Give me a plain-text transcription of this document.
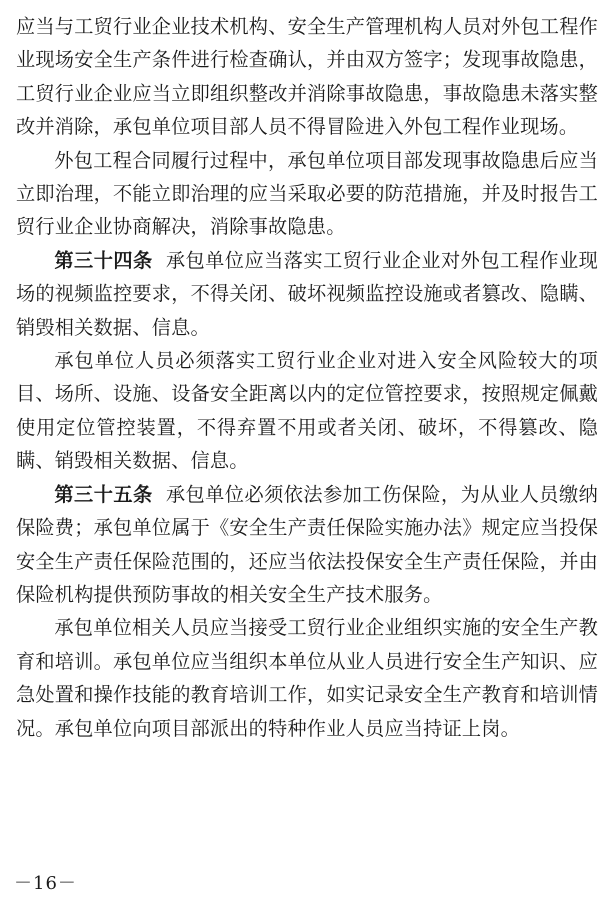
应当与工贸行业企业技术机构、安全生产管理机构人员对外包工程作业现场安全生产条件进行检查确认，并由双方签字；发现事故隐患，工贸行业企业应当立即组织整改并消除事故隐患，事故隐患未落实整改并消除，承包单位项目部人员不得冒险进入外包工程作业现场。

外包工程合同履行过程中，承包单位项目部发现事故隐患后应当立即治理，不能立即治理的应当采取必要的防范措施，并及时报告工贸行业企业协商解决，消除事故隐患。

第三十四条 承包单位应当落实工贸行业企业对外包工程作业现场的视频监控要求，不得关闭、破坏视频监控设施或者篡改、隐瞒、销毁相关数据、信息。

承包单位人员必须落实工贸行业企业对进入安全风险较大的项目、场所、设施、设备安全距离以内的定位管控要求，按照规定佩戴使用定位管控装置，不得弃置不用或者关闭、破坏，不得篡改、隐瞒、销毁相关数据、信息。

第三十五条 承包单位必须依法参加工伤保险，为从业人员缴纳保险费；承包单位属于《安全生产责任保险实施办法》规定应当投保安全生产责任保险范围的，还应当依法投保安全生产责任保险，并由保险机构提供预防事故的相关安全生产技术服务。

承包单位相关人员应当接受工贸行业企业组织实施的安全生产教育和培训。承包单位应当组织本单位从业人员进行安全生产知识、应急处置和操作技能的教育培训工作，如实记录安全生产教育和培训情况。承包单位向项目部派出的特种作业人员应当持证上岗。

－16－
